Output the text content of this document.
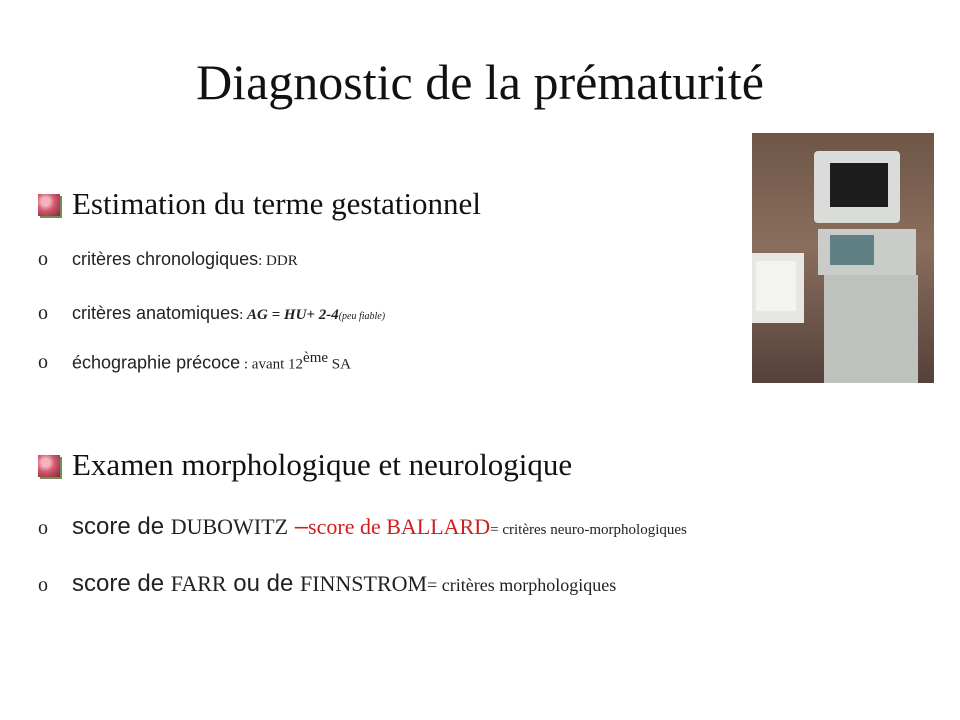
Diagnostic de la prématurité
Estimation du terme gestationnel
o critères chronologiques: DDR
o critères anatomiques: AG = HU+ 2-4(peu fiable)
o échographie précoce : avant 12ème SA
Examen morphologique et neurologique
o score de DUBOWITZ –score de BALLARD= critères neuro-morphologiques
o score de FARR ou de FINNSTROM= critères morphologiques
